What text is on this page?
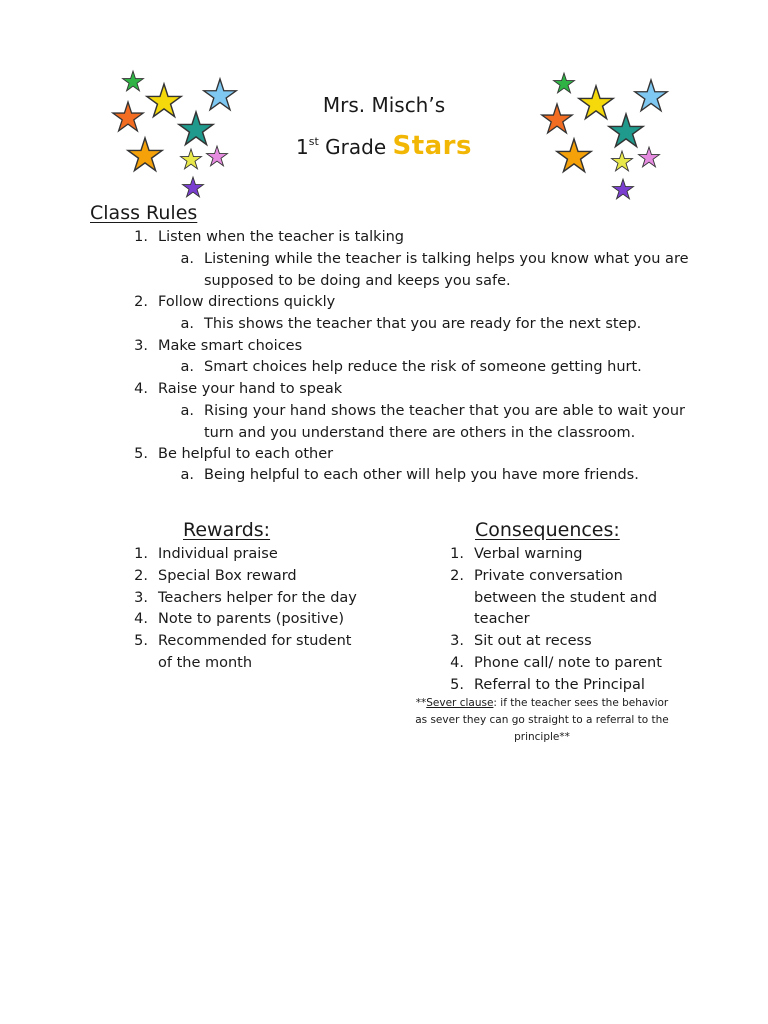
Mrs. Misch’s
1st Grade Stars
Class Rules
1. Listen when the teacher is talking
a. Listening while the teacher is talking helps you know what you are
supposed to be doing and keeps you safe.
2. Follow directions quickly
a. This shows the teacher that you are ready for the next step.
3. Make smart choices
a. Smart choices help reduce the risk of someone getting hurt.
4. Raise your hand to speak
a. Rising your hand shows the teacher that you are able to wait your
turn and you understand there are others in the classroom.
5. Be helpful to each other
a. Being helpful to each other will help you have more friends.
Rewards:
1. Individual praise
2. Special Box reward
3. Teachers helper for the day
4. Note to parents (positive)
5. Recommended for student
of the month
Consequences:
1. Verbal warning
2. Private conversation
between the student and
teacher
3. Sit out at recess
4. Phone call/ note to parent
5. Referral to the Principal
**Sever clause: if the teacher sees the behavior
as sever they can go straight to a referral to the
principle**
